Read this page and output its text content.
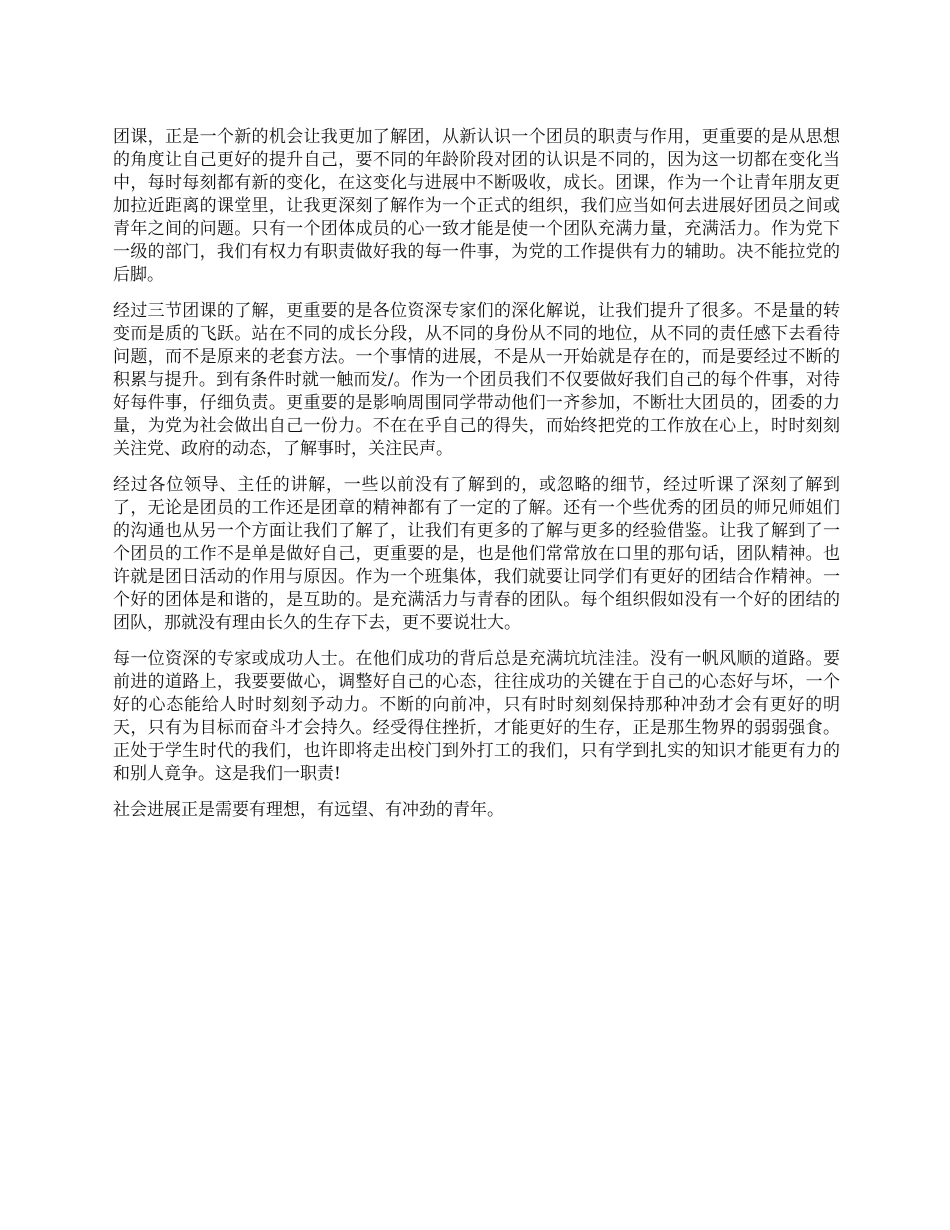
团课，正是一个新的机会让我更加了解团，从新认识一个团员的职责与作用，更重要的是从思想的角度让自己更好的提升自己，要不同的年龄阶段对团的认识是不同的，因为这一切都在变化当中，每时每刻都有新的变化，在这变化与进展中不断吸收，成长。团课，作为一个让青年朋友更加拉近距离的课堂里，让我更深刻了解作为一个正式的组织，我们应当如何去进展好团员之间或青年之间的问题。只有一个团体成员的心一致才能是使一个团队充满力量，充满活力。作为党下一级的部门，我们有权力有职责做好我的每一件事，为党的工作提供有力的辅助。决不能拉党的后脚。

经过三节团课的了解，更重要的是各位资深专家们的深化解说，让我们提升了很多。不是量的转变而是质的飞跃。站在不同的成长分段，从不同的身份从不同的地位，从不同的责任感下去看待问题，而不是原来的老套方法。一个事情的进展，不是从一开始就是存在的，而是要经过不断的积累与提升。到有条件时就一触而发/。作为一个团员我们不仅要做好我们自己的每个件事，对待好每件事，仔细负责。更重要的是影响周围同学带动他们一齐参加，不断壮大团员的，团委的力量，为党为社会做出自己一份力。不在在乎自己的得失，而始终把党的工作放在心上，时时刻刻关注党、政府的动态，了解事时，关注民声。

经过各位领导、主任的讲解，一些以前没有了解到的，或忽略的细节，经过听课了深刻了解到了，无论是团员的工作还是团章的精神都有了一定的了解。还有一个些优秀的团员的师兄师姐们的沟通也从另一个方面让我们了解了，让我们有更多的了解与更多的经验借鉴。让我了解到了一个团员的工作不是单是做好自己，更重要的是，也是他们常常放在口里的那句话，团队精神。也许就是团日活动的作用与原因。作为一个班集体，我们就要让同学们有更好的团结合作精神。一个好的团体是和谐的，是互助的。是充满活力与青春的团队。每个组织假如没有一个好的团结的团队，那就没有理由长久的生存下去，更不要说壮大。

每一位资深的专家或成功人士。在他们成功的背后总是充满坑坑洼洼。没有一帆风顺的道路。要前进的道路上，我要要做心，调整好自己的心态，往往成功的关键在于自己的心态好与坏，一个好的心态能给人时时刻刻予动力。不断的向前冲，只有时时刻刻保持那种冲劲才会有更好的明天，只有为目标而奋斗才会持久。经受得住挫折，才能更好的生存，正是那生物界的弱弱强食。正处于学生时代的我们，也许即将走出校门到外打工的我们，只有学到扎实的知识才能更有力的和别人竟争。这是我们一职责!

社会进展正是需要有理想，有远望、有冲劲的青年。
